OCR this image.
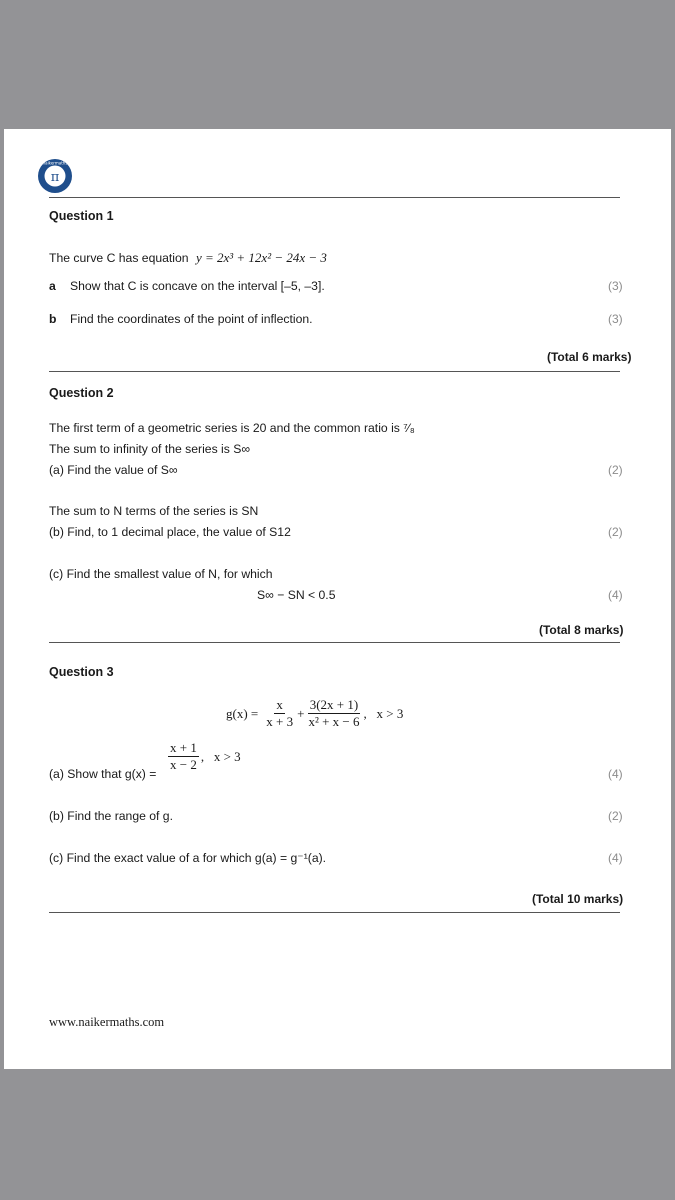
π
naikermaths
Question 1
The curve C has equation y = 2x³ + 12x² − 24x − 3
a Show that C is concave on the interval [–5, –3].	(3)
b Find the coordinates of the point of inflection.	(3)
(Total 6 marks)
Question 2
The first term of a geometric series is 20 and the common ratio is ⁷⁄₈
The sum to infinity of the series is S∞
(a) Find the value of S∞	(2)
The sum to N terms of the series is SN
(b) Find, to 1 decimal place, the value of S12	(2)
(c) Find the smallest value of N, for which
S∞ − SN < 0.5	(4)
(Total 8 marks)
Question 3
$g(x) = \frac{x}{x + 3} + \frac{3(2x + 1)}{\text{x² + x − 6}}$ ,   x > 3
(a) Show that g(x) =
$\frac{x + 1}{x - 2}$ ,   x > 3
(4)
(b) Find the range of g.	(2)
(c) Find the exact value of a for which g(a) = g⁻¹(a).	(4)
(Total 10 marks)
www.naikermaths.com
